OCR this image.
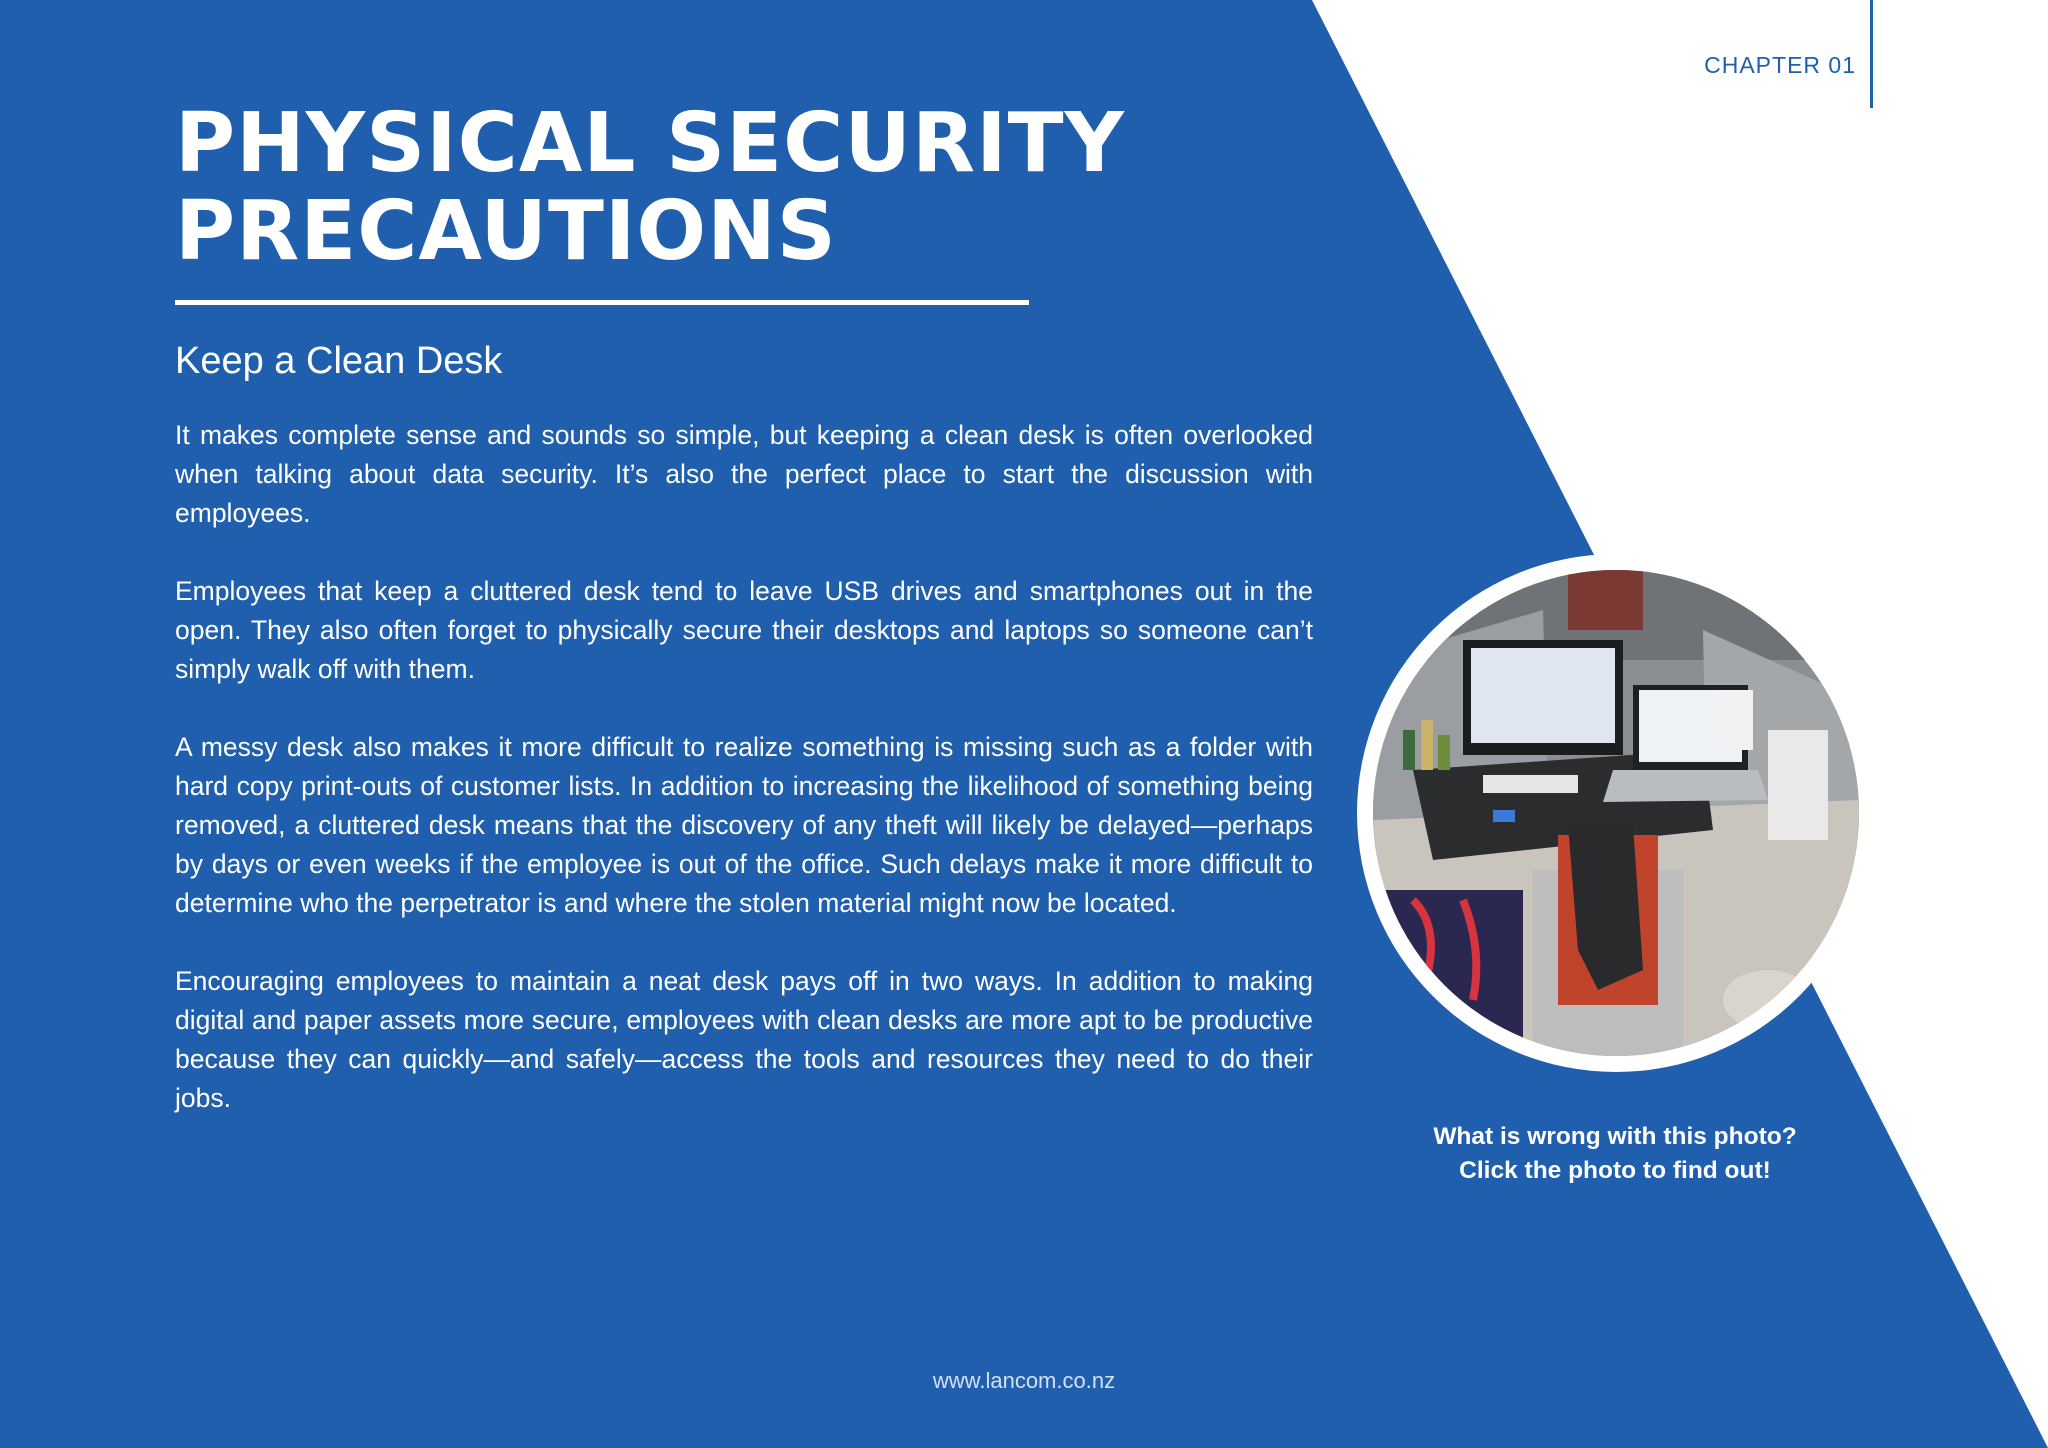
CHAPTER 01
PHYSICAL SECURITY
PRECAUTIONS
Keep a Clean Desk

It makes complete sense and sounds so simple, but keeping a clean desk is often overlooked when talking about data security. It’s also the perfect place to start the discussion with employees.

Employees that keep a cluttered desk tend to leave USB drives and smartphones out in the open. They also often forget to physically secure their desktops and laptops so someone can’t simply walk off with them.

A messy desk also makes it more difficult to realize something is missing such as a folder with hard copy print-outs of customer lists. In addition to increasing the likelihood of something being removed, a cluttered desk means that the discovery of any theft will likely be delayed—perhaps by days or even weeks if the employee is out of the office. Such delays make it more difficult to determine who the perpetrator is and where the stolen material might now be located.

Encouraging employees to maintain a neat desk pays off in two ways. In addition to making digital and paper assets more secure, employees with clean desks are more apt to be productive because they can quickly—and safely—access the tools and resources they need to do their jobs.

What is wrong with this photo?
Click the photo to find out!
www.lancom.co.nz
